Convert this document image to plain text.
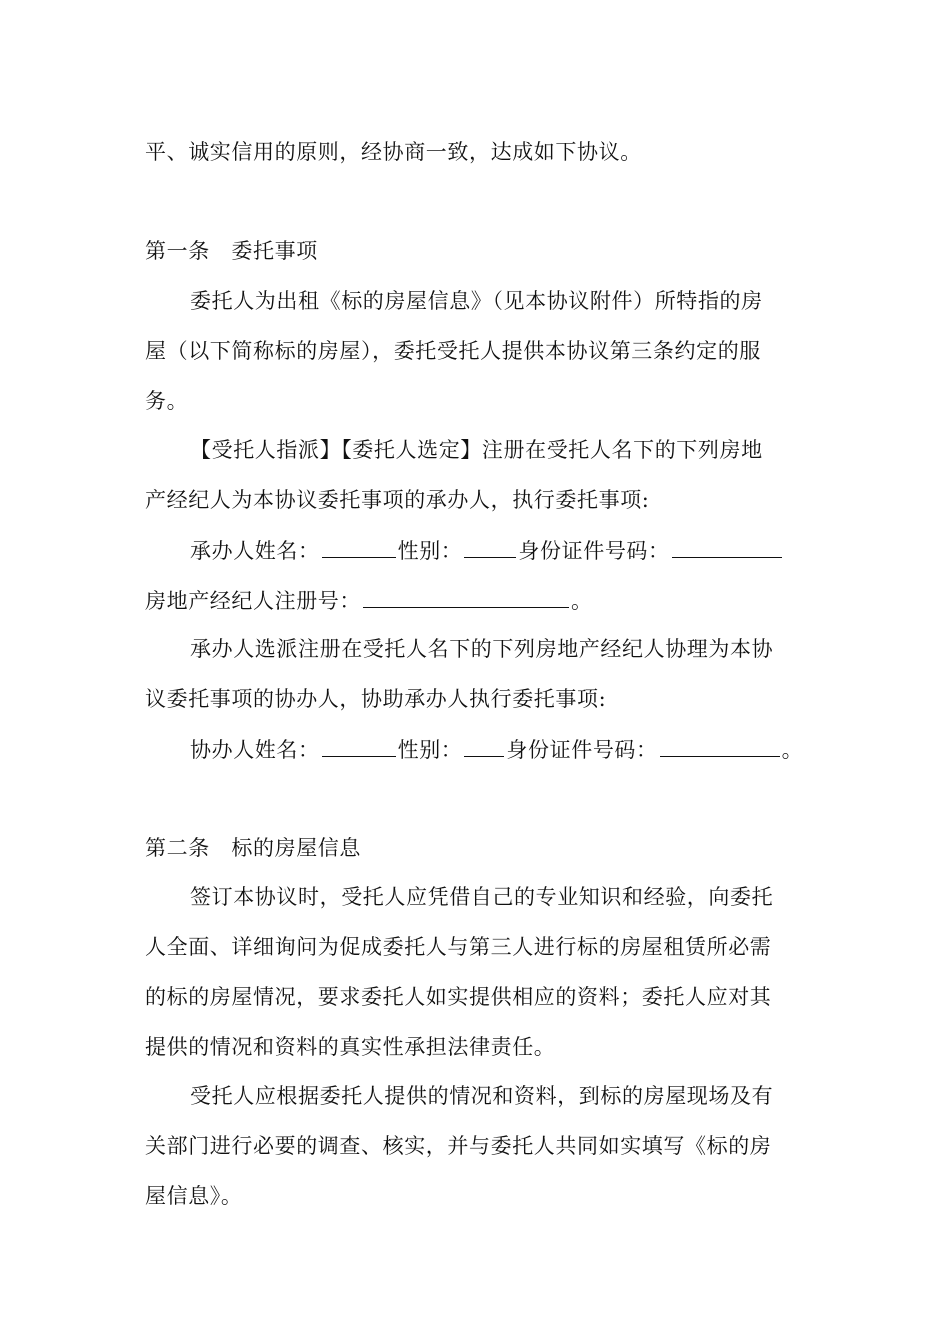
平、诚实信用的原则，经协商一致，达成如下协议。
第一条　委托事项
委托人为出租《标的房屋信息》（见本协议附件）所特指的房
屋（以下简称标的房屋），委托受托人提供本协议第三条约定的服
务。
【受托人指派】【委托人选定】注册在受托人名下的下列房地
产经纪人为本协议委托事项的承办人，执行委托事项:
承办人姓名：	性别：	身份证件号码：
房地产经纪人注册号：	。
承办人选派注册在受托人名下的下列房地产经纪人协理为本协
议委托事项的协办人，协助承办人执行委托事项:
协办人姓名：	性别： 身份证件号码：	。
第二条　标的房屋信息
签订本协议时，受托人应凭借自己的专业知识和经验，向委托
人全面、详细询问为促成委托人与第三人进行标的房屋租赁所必需
的标的房屋情况，要求委托人如实提供相应的资料；委托人应对其
提供的情况和资料的真实性承担法律责任。
受托人应根据委托人提供的情况和资料，到标的房屋现场及有
关部门进行必要的调查、核实，并与委托人共同如实填写《标的房
屋信息》。
